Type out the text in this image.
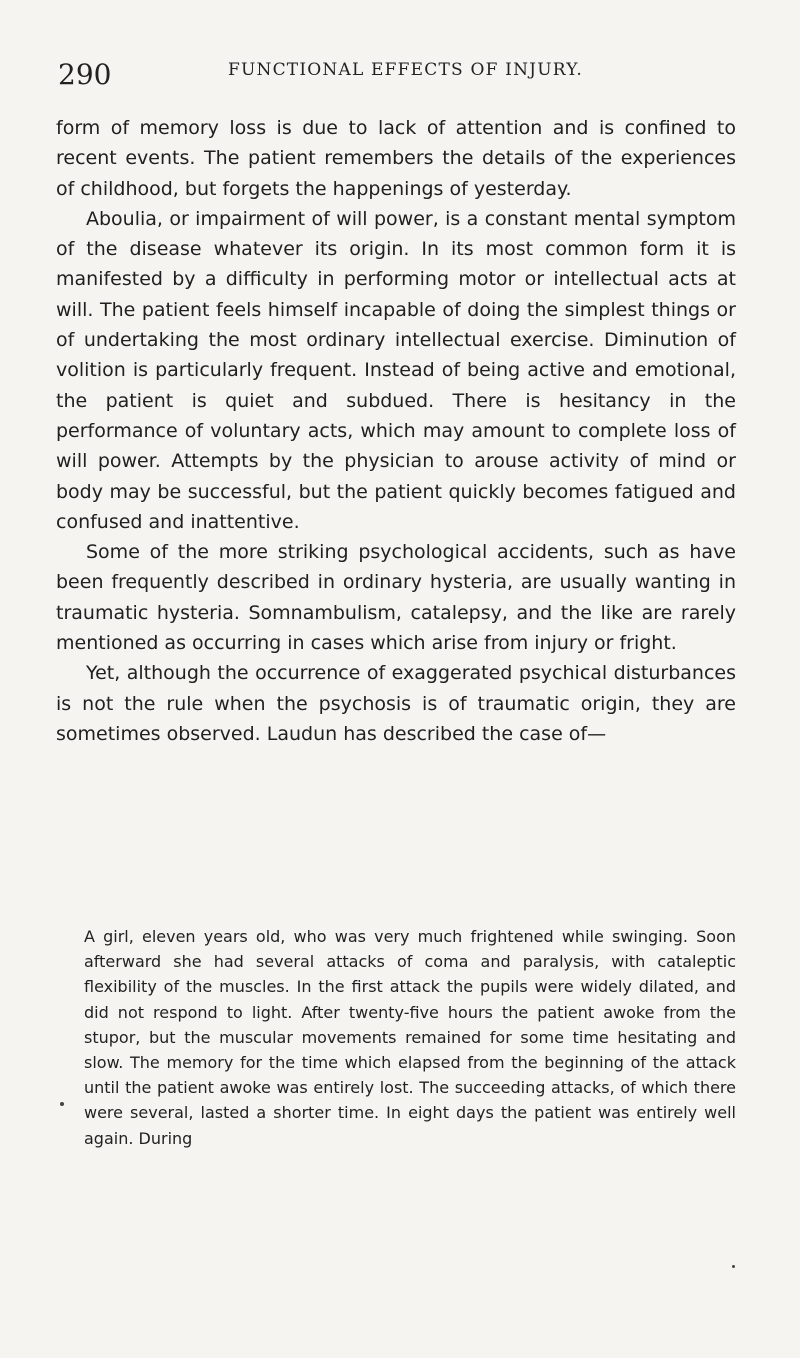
290	FUNCTIONAL EFFECTS OF INJURY.

form of memory loss is due to lack of attention and is confined to recent events. The patient remembers the details of the experiences of childhood, but forgets the happenings of yesterday.

Aboulia, or impairment of will power, is a constant mental symptom of the disease whatever its origin. In its most common form it is manifested by a difficulty in performing motor or intellectual acts at will. The patient feels himself incapable of doing the simplest things or of undertaking the most ordinary intellectual exercise. Diminution of volition is particularly frequent. Instead of being active and emotional, the patient is quiet and subdued. There is hesitancy in the performance of voluntary acts, which may amount to complete loss of will power. Attempts by the physician to arouse activity of mind or body may be successful, but the patient quickly becomes fatigued and confused and inattentive.

Some of the more striking psychological accidents, such as have been frequently described in ordinary hysteria, are usually wanting in traumatic hysteria. Somnambulism, catalepsy, and the like are rarely mentioned as occurring in cases which arise from injury or fright.

Yet, although the occurrence of exaggerated psychical disturbances is not the rule when the psychosis is of traumatic origin, they are sometimes observed. Laudun has described the case of—

A girl, eleven years old, who was very much frightened while swinging. Soon afterward she had several attacks of coma and paralysis, with cataleptic flexibility of the muscles. In the first attack the pupils were widely dilated, and did not respond to light. After twenty-five hours the patient awoke from the stupor, but the muscular movements remained for some time hesitating and slow. The memory for the time which elapsed from the beginning of the attack until the patient awoke was entirely lost. The succeeding attacks, of which there were several, lasted a shorter time. In eight days the patient was entirely well again. During
